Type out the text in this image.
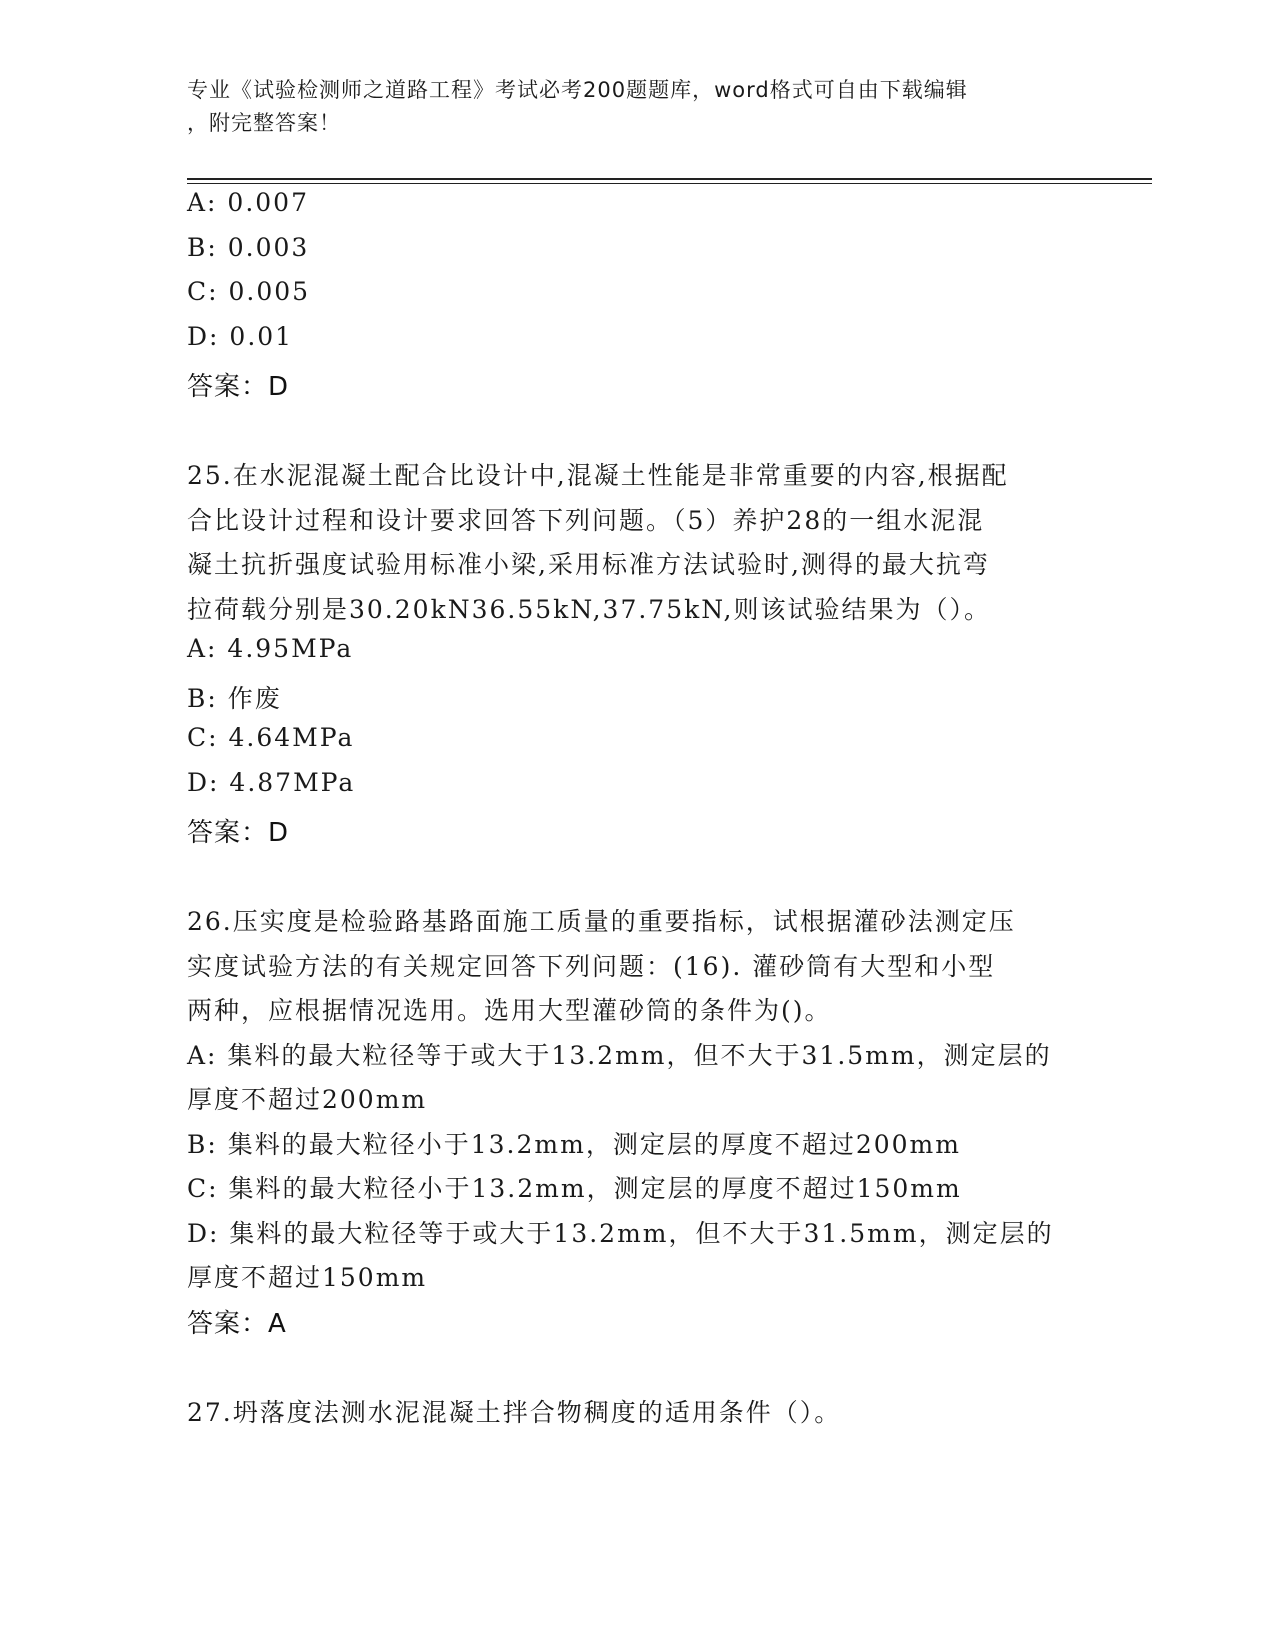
专业《试验检测师之道路工程》考试必考200题题库，word格式可自由下载编辑
，附完整答案！
A: 0.007
B: 0.003
C: 0.005
D: 0.01
答案：D
25.在水泥混凝土配合比设计中,混凝土性能是非常重要的内容,根据配
合比设计过程和设计要求回答下列问题。（5）养护28的一组水泥混
凝土抗折强度试验用标准小梁,采用标准方法试验时,测得的最大抗弯
拉荷载分别是30.20kN36.55kN,37.75kN,则该试验结果为（）。
A: 4.95MPa
B: 作废
C: 4.64MPa
D: 4.87MPa
答案：D
26.压实度是检验路基路面施工质量的重要指标，试根据灌砂法测定压
实度试验方法的有关规定回答下列问题：(16). 灌砂筒有大型和小型
两种，应根据情况选用。选用大型灌砂筒的条件为()。
A: 集料的最大粒径等于或大于13.2mm，但不大于31.5mm，测定层的
厚度不超过200mm
B: 集料的最大粒径小于13.2mm，测定层的厚度不超过200mm
C: 集料的最大粒径小于13.2mm，测定层的厚度不超过150mm
D: 集料的最大粒径等于或大于13.2mm，但不大于31.5mm，测定层的
厚度不超过150mm
答案：A
27.坍落度法测水泥混凝土拌合物稠度的适用条件（）。
